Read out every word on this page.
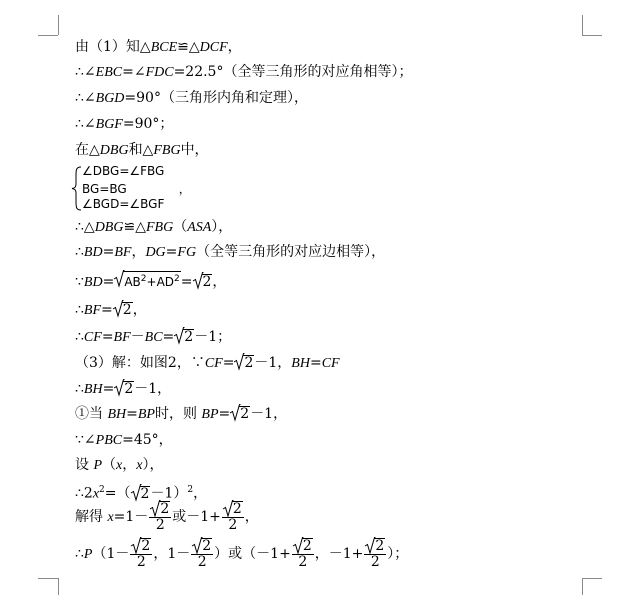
由（1）知△BCE≌△DCF，
∴∠EBC=∠FDC=22.5°（全等三角形的对应角相等）；
∴∠BGD=90°（三角形内角和定理），
∴∠BGF=90°；
在△DBG和△FBG中，
∠DBG=∠FBG
BG=BG	，
∠BGD=∠BGF
∴△DBG≌△FBG（ASA），
∴BD=BF，DG=FG（全等三角形的对应边相等），
∵BD= $AB^2+AD^2= 2$，
∴BF= 2，
∴CF=BF－BC= 2－1；
（3）解：如图2，∵CF= 2－1，BH=CF
∴BH= 2－1，
①当 BH=BP时，则 BP= 2－1，
∵∠PBC=45°，
设 P（x，x），
$\therefore 2x^2=$（ 2－1）$^2$，
解得 $x=1- \frac{2}{2}$ 或$-1+ \frac{2}{2}$ ，
∴P（1－ $\frac{2}{2}$ ，$1- \frac{2}{2}$ ）或（$-1+ \frac{2}{2}$ ，$-1+ \frac{2}{2}$ ）；
